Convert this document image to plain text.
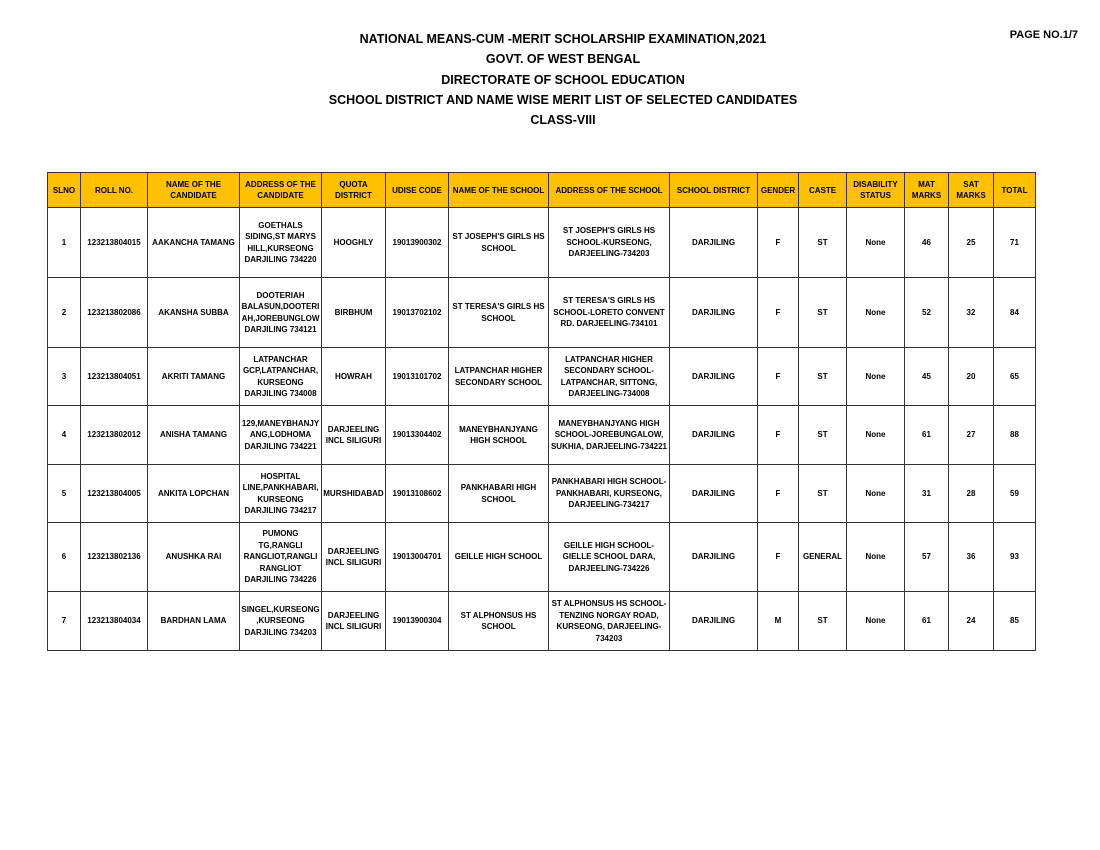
NATIONAL MEANS-CUM -MERIT SCHOLARSHIP EXAMINATION,2021
GOVT. OF WEST BENGAL
DIRECTORATE OF SCHOOL EDUCATION
SCHOOL DISTRICT AND NAME WISE MERIT LIST OF SELECTED CANDIDATES
CLASS-VIII
PAGE NO.1/7
SLNO	ROLL NO.	NAME OF THE CANDIDATE	ADDRESS OF THE CANDIDATE	QUOTA DISTRICT	UDISE CODE	NAME OF THE SCHOOL	ADDRESS OF THE SCHOOL	SCHOOL DISTRICT	GENDER	CASTE	DISABILITY STATUS	MAT MARKS	SAT MARKS	TOTAL
1	123213804015	AAKANCHA TAMANG	GOETHALS SIDING,ST MARYS HILL,KURSEONG DARJILING 734220	HOOGHLY	19013900302	ST JOSEPH'S GIRLS HS SCHOOL	ST JOSEPH'S GIRLS HS SCHOOL-KURSEONG, DARJEELING-734203	DARJILING	F	ST	None	46	25	71
2	123213802086	AKANSHA SUBBA	DOOTERIAH BALASUN,DOOTERIAH,JOREBUNGLOW DARJILING 734121	BIRBHUM	19013702102	ST TERESA'S GIRLS HS SCHOOL	ST TERESA'S GIRLS HS SCHOOL-LORETO CONVENT RD. DARJEELING-734101	DARJILING	F	ST	None	52	32	84
3	123213804051	AKRITI TAMANG	LATPANCHAR GCP,LATPANCHAR,KURSEONG DARJILING 734008	HOWRAH	19013101702	LATPANCHAR HIGHER SECONDARY SCHOOL	LATPANCHAR HIGHER SECONDARY SCHOOL-LATPANCHAR, SITTONG, DARJEELING-734008	DARJILING	F	ST	None	45	20	65
4	123213802012	ANISHA TAMANG	129,MANEYBHANJYANG,LODHOMA DARJILING 734221	DARJEELING INCL SILIGURI	19013304402	MANEYBHANJYANG HIGH SCHOOL	MANEYBHANJYANG HIGH SCHOOL-JOREBUNGALOW, SUKHIA, DARJEELING-734221	DARJILING	F	ST	None	61	27	88
5	123213804005	ANKITA LOPCHAN	HOSPITAL LINE,PANKHABARI,KURSEONG DARJILING 734217	MURSHIDABAD	19013108602	PANKHABARI HIGH SCHOOL	PANKHABARI HIGH SCHOOL-PANKHABARI, KURSEONG, DARJEELING-734217	DARJILING	F	ST	None	31	28	59
6	123213802136	ANUSHKA RAI	PUMONG TG,RANGLI RANGLIOT,RANGLI RANGLIOT DARJILING 734226	DARJEELING INCL SILIGURI	19013004701	GEILLE HIGH SCHOOL	GEILLE HIGH SCHOOL-GIELLE SCHOOL DARA, DARJEELING-734226	DARJILING	F	GENERAL	None	57	36	93
7	123213804034	BARDHAN LAMA	SINGEL,KURSEONG,KURSEONG DARJILING 734203	DARJEELING INCL SILIGURI	19013900304	ST ALPHONSUS HS SCHOOL	ST ALPHONSUS HS SCHOOL-TENZING NORGAY ROAD, KURSEONG, DARJEELING-734203	DARJILING	M	ST	None	61	24	85
